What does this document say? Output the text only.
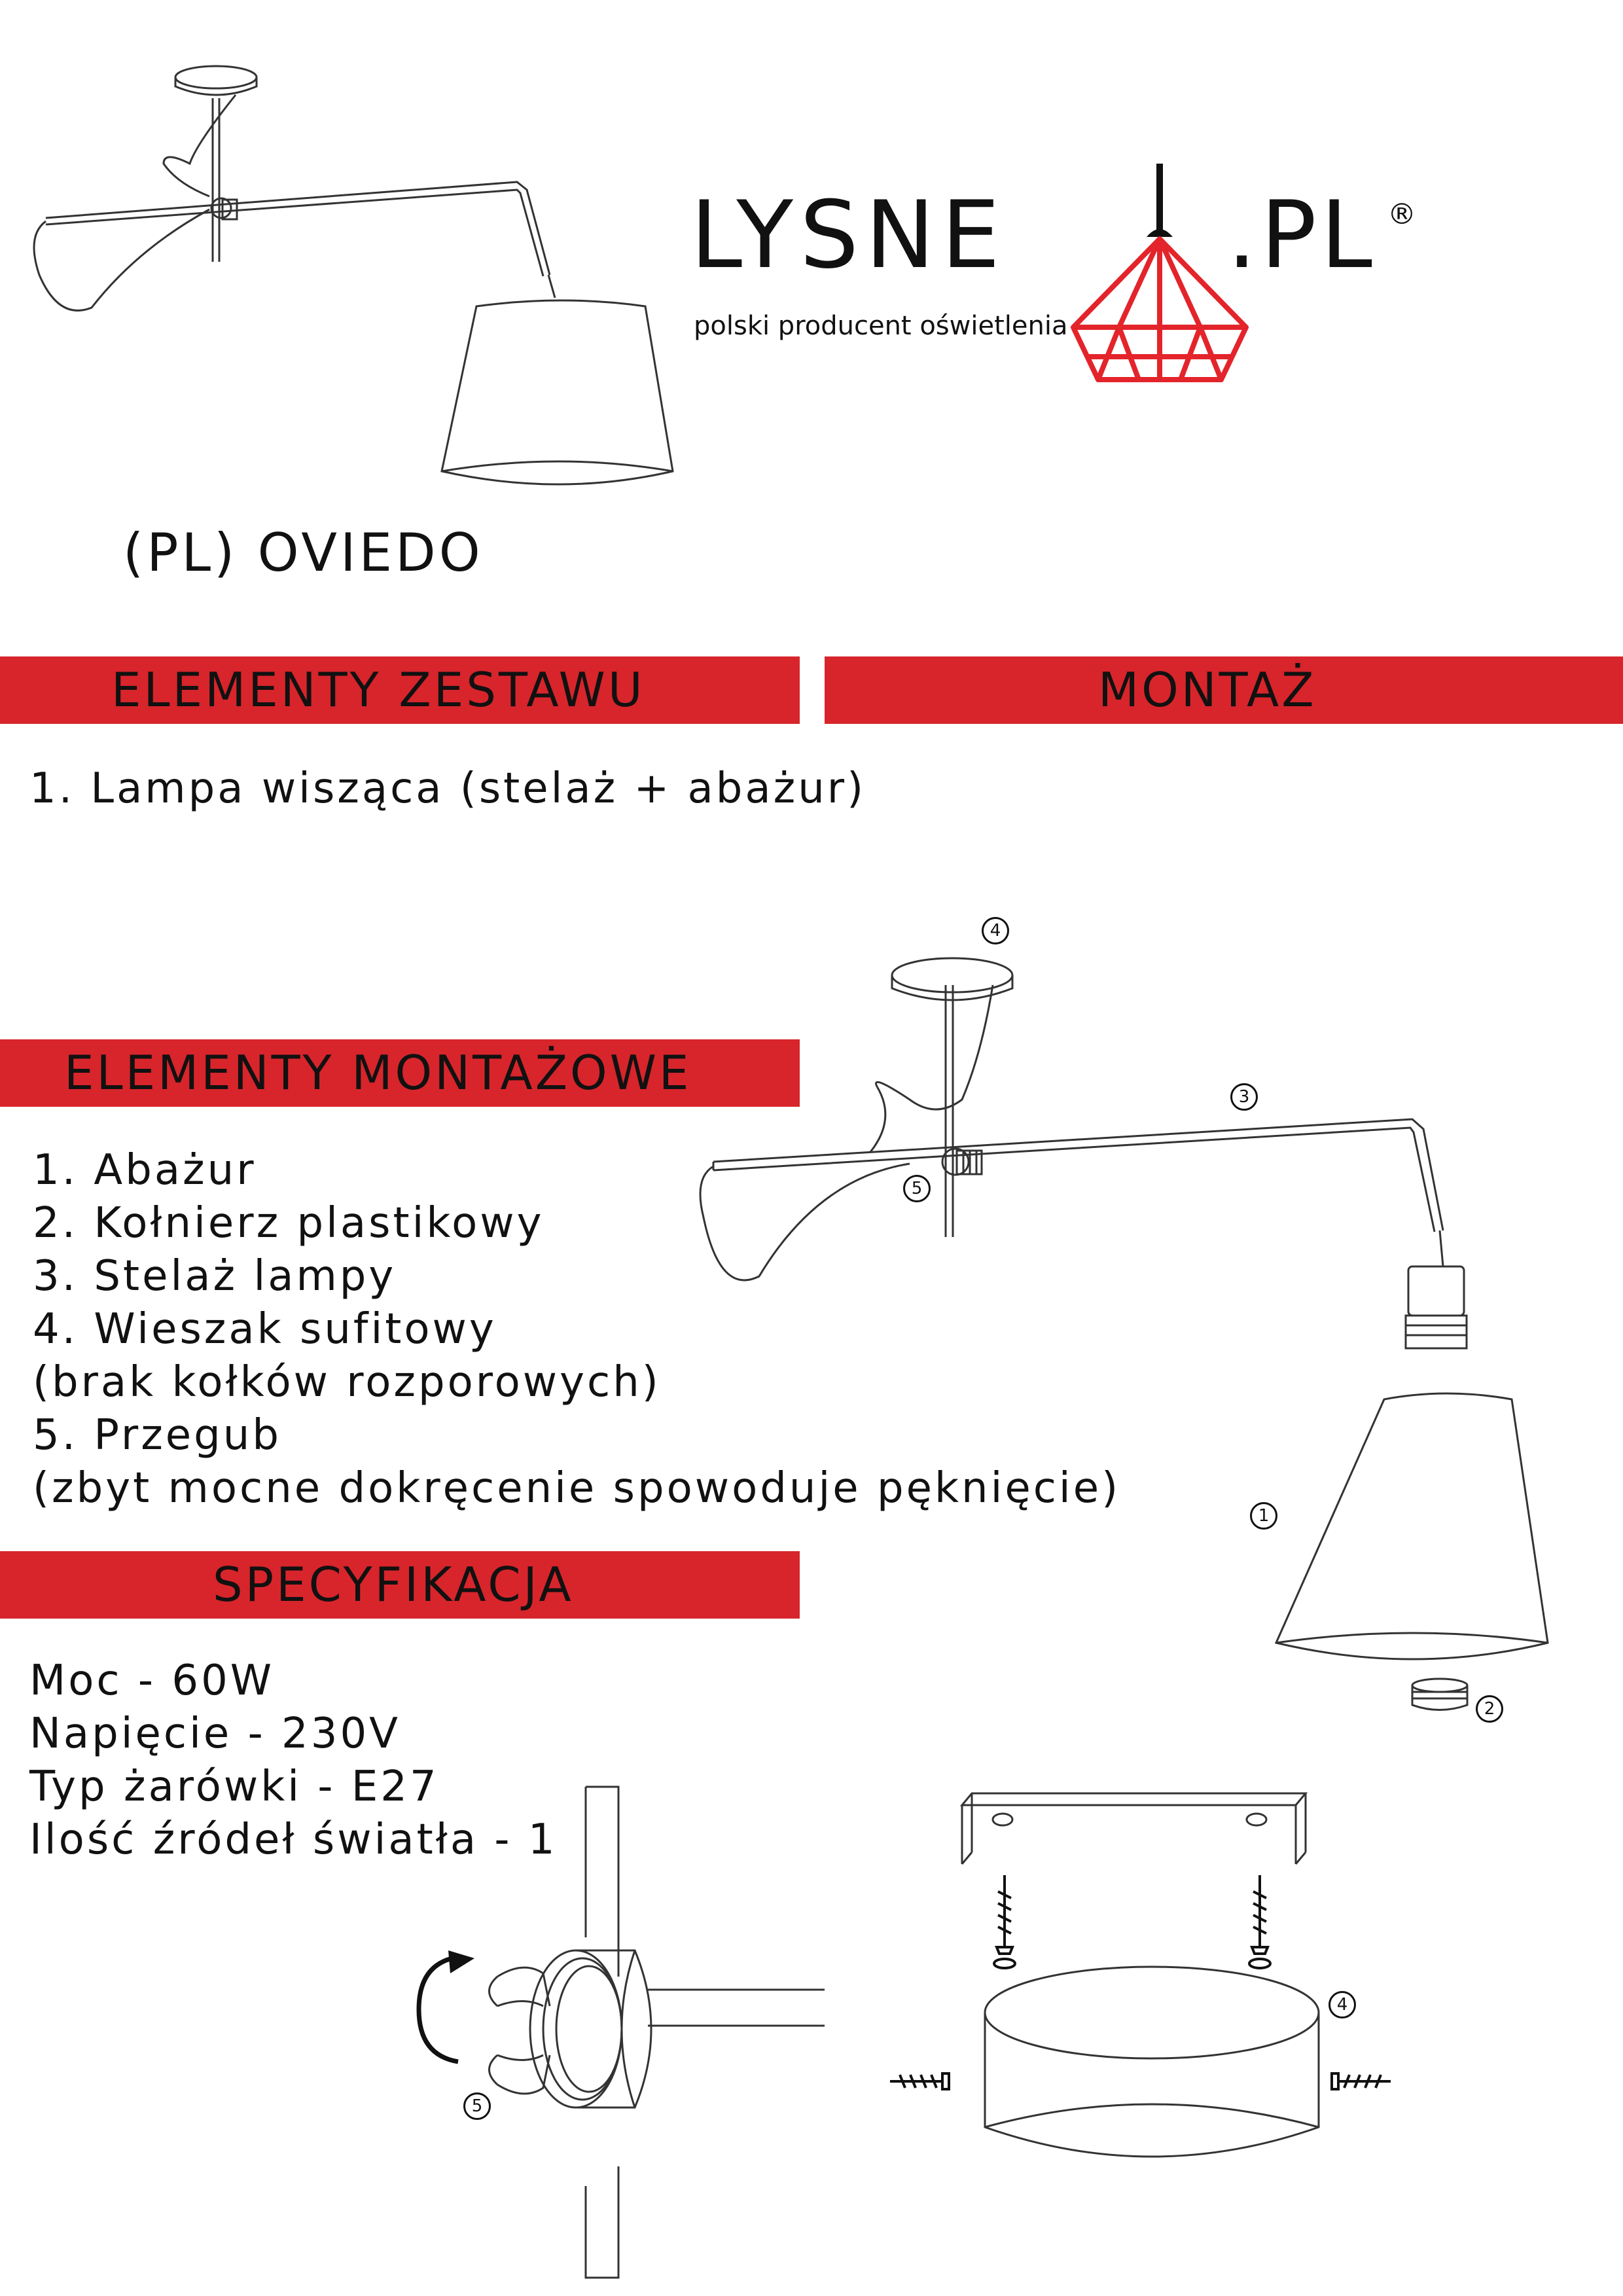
LYSNE .PL ®
polski producent oświetlenia
(PL) OVIEDO
ELEMENTY ZESTAWU	MONTAŻ
1. Lampa wisząca (stelaż + abażur)
ELEMENTY MONTAŻOWE
1. Abażur
2. Kołnierz plastikowy
3. Stelaż lampy
4. Wieszak sufitowy
(brak kołków rozporowych)
5. Przegub
(zbyt mocne dokręcenie spowoduje pęknięcie)
SPECYFIKACJA
Moc - 60W
Napięcie - 230V
Typ żarówki - E27
Ilość źródeł światła - 1
4
3
5
1
2
5
4
